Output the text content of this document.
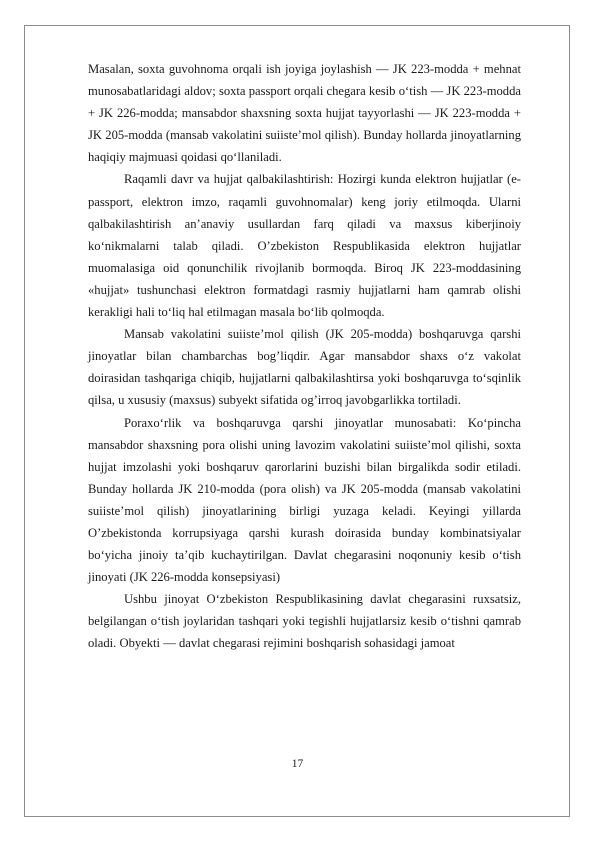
Masalan, soxta guvohnoma orqali ish joyiga joylashish — JK 223-modda + mehnat munosabatlaridagi aldov; soxta passport orqali chegara kesib o‘tish — JK 223-modda + JK 226-modda; mansabdor shaxsning soxta hujjat tayyorlashi — JK 223-modda + JK 205-modda (mansab vakolatini suiiste’mol qilish). Bunday hollarda jinoyatlarning haqiqiy majmuasi qoidasi qo‘llaniladi.

Raqamli davr va hujjat qalbakilashtirish: Hozirgi kunda elektron hujjatlar (e-passport, elektron imzo, raqamli guvohnomalar) keng joriy etilmoqda. Ularni qalbakilashtirish an’anaviy usullardan farq qiladi va maxsus kiberjinoiy ko‘nikmalarni talab qiladi. O’zbekiston Respublikasida elektron hujjatlar muomalasiga oid qonunchilik rivojlanib bormoqda. Biroq JK 223-moddasining «hujjat» tushunchasi elektron formatdagi rasmiy hujjatlarni ham qamrab olishi kerakligi hali to‘liq hal etilmagan masala bo‘lib qolmoqda.

Mansab vakolatini suiiste’mol qilish (JK 205-modda) boshqaruvga qarshi jinoyatlar bilan chambarchas bog’liqdir. Agar mansabdor shaxs o‘z vakolat doirasidan tashqariga chiqib, hujjatlarni qalbakilashtirsa yoki boshqaruvga to‘sqinlik qilsa, u xususiy (maxsus) subyekt sifatida og’irroq javobgarlikka tortiladi.

Poraxo‘rlik va boshqaruvga qarshi jinoyatlar munosabati: Ko‘pincha mansabdor shaxsning pora olishi uning lavozim vakolatini suiiste’mol qilishi, soxta hujjat imzolashi yoki boshqaruv qarorlarini buzishi bilan birgalikda sodir etiladi. Bunday hollarda JK 210-modda (pora olish) va JK 205-modda (mansab vakolatini suiiste’mol qilish) jinoyatlarining birligi yuzaga keladi. Keyingi yillarda O’zbekistonda korrupsiyaga qarshi kurash doirasida bunday kombinatsiyalar bo‘yicha jinoiy ta’qib kuchaytirilgan. Davlat chegarasini noqonuniy kesib o‘tish jinoyati (JK 226-modda konsepsiyasi)

Ushbu jinoyat O‘zbekiston Respublikasining davlat chegarasini ruxsatsiz, belgilangan o‘tish joylaridan tashqari yoki tegishli hujjatlarsiz kesib o‘tishni qamrab oladi. Obyekti — davlat chegarasi rejimini boshqarish sohasidagi jamoat

17
